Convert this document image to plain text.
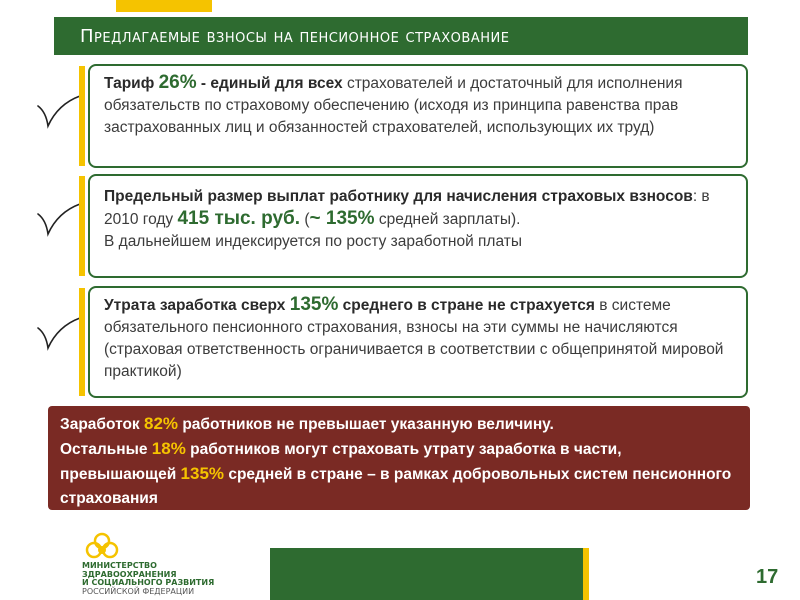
Предлагаемые взносы на пенсионное страхование
Тариф 26% - единый для всех страхователей и достаточный для исполнения обязательств по страховому обеспечению (исходя из принципа равенства прав застрахованных лиц и обязанностей страхователей, использующих их труд)
Предельный размер выплат работнику для начисления страховых взносов: в 2010 году 415 тыс. руб. (~ 135% средней зарплаты).
В дальнейшем индексируется по росту заработной платы
Утрата заработка сверх 135% среднего в стране не страхуется в системе обязательного пенсионного страхования, взносы на эти суммы не начисляются (страховая ответственность ограничивается в соответствии с общепринятой мировой практикой)
Заработок 82% работников не превышает указанную величину.
Остальные 18% работников могут страховать утрату заработка в части, превышающей 135% средней в стране – в рамках добровольных систем пенсионного страхования
МИНИСТЕРСТВО
ЗДРАВООХРАНЕНИЯ
И СОЦИАЛЬНОГО РАЗВИТИЯ
РОССИЙСКОЙ ФЕДЕРАЦИИ
17
